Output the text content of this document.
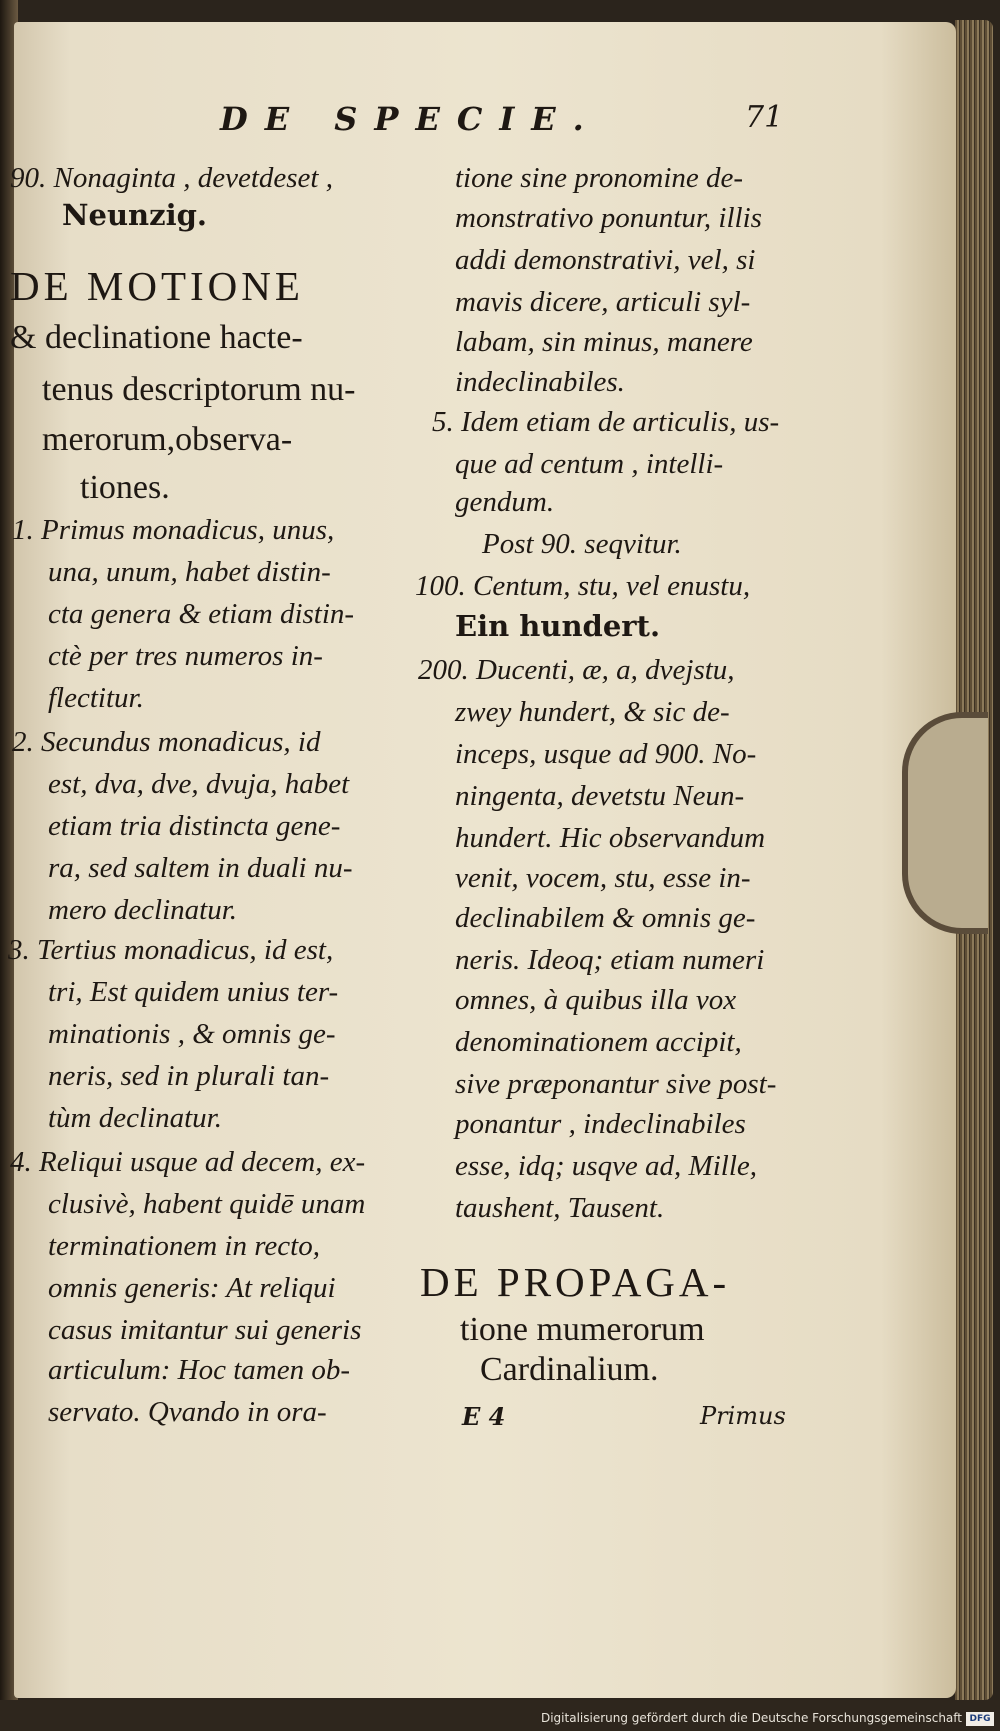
DE SPECIE.	71
90. Nonaginta , devetdeset ,
Neunzig.
DE MOTIONE
& declinatione hacte-
tenus descriptorum nu-
merorum,observa-
tiones.
1. Primus monadicus, unus,
una, unum, habet distin-
cta genera & etiam distin-
ctè per tres numeros in-
flectitur.
2. Secundus monadicus, id
est, dva, dve, dvuja, habet
etiam tria distincta gene-
ra, sed saltem in duali nu-
mero declinatur.
3. Tertius monadicus, id est,
tri, Est quidem unius ter-
minationis , & omnis ge-
neris, sed in plurali tan-
tùm declinatur.
4. Reliqui usque ad decem, ex-
clusivè, habent quidē unam
terminationem in recto,
omnis generis: At reliqui
casus imitantur sui generis
articulum: Hoc tamen ob-
servato. Qvando in ora-
tione sine pronomine de-
monstrativo ponuntur, illis
addi demonstrativi, vel, si
mavis dicere, articuli syl-
labam, sin minus, manere
indeclinabiles.
5. Idem etiam de articulis, us-
que ad centum , intelli-
gendum.
Post 90. seqvitur.
100. Centum, stu, vel enustu,
Ein hundert.
200. Ducenti, æ, a, dvejstu,
zwey hundert, & sic de-
inceps, usque ad 900. No-
ningenta, devetstu Neun-
hundert. Hic observandum
venit, vocem, stu, esse in-
declinabilem & omnis ge-
neris. Ideoq; etiam numeri
omnes, à quibus illa vox
denominationem accipit,
sive præponantur sive post-
ponantur , indeclinabiles
esse, idq; usqve ad, Mille,
taushent, Tausent.
DE PROPAGA-
tione mumerorum
Cardinalium.
E 4	Primus
Digitalisierung gefördert durch die Deutsche Forschungsgemeinschaft DFG
